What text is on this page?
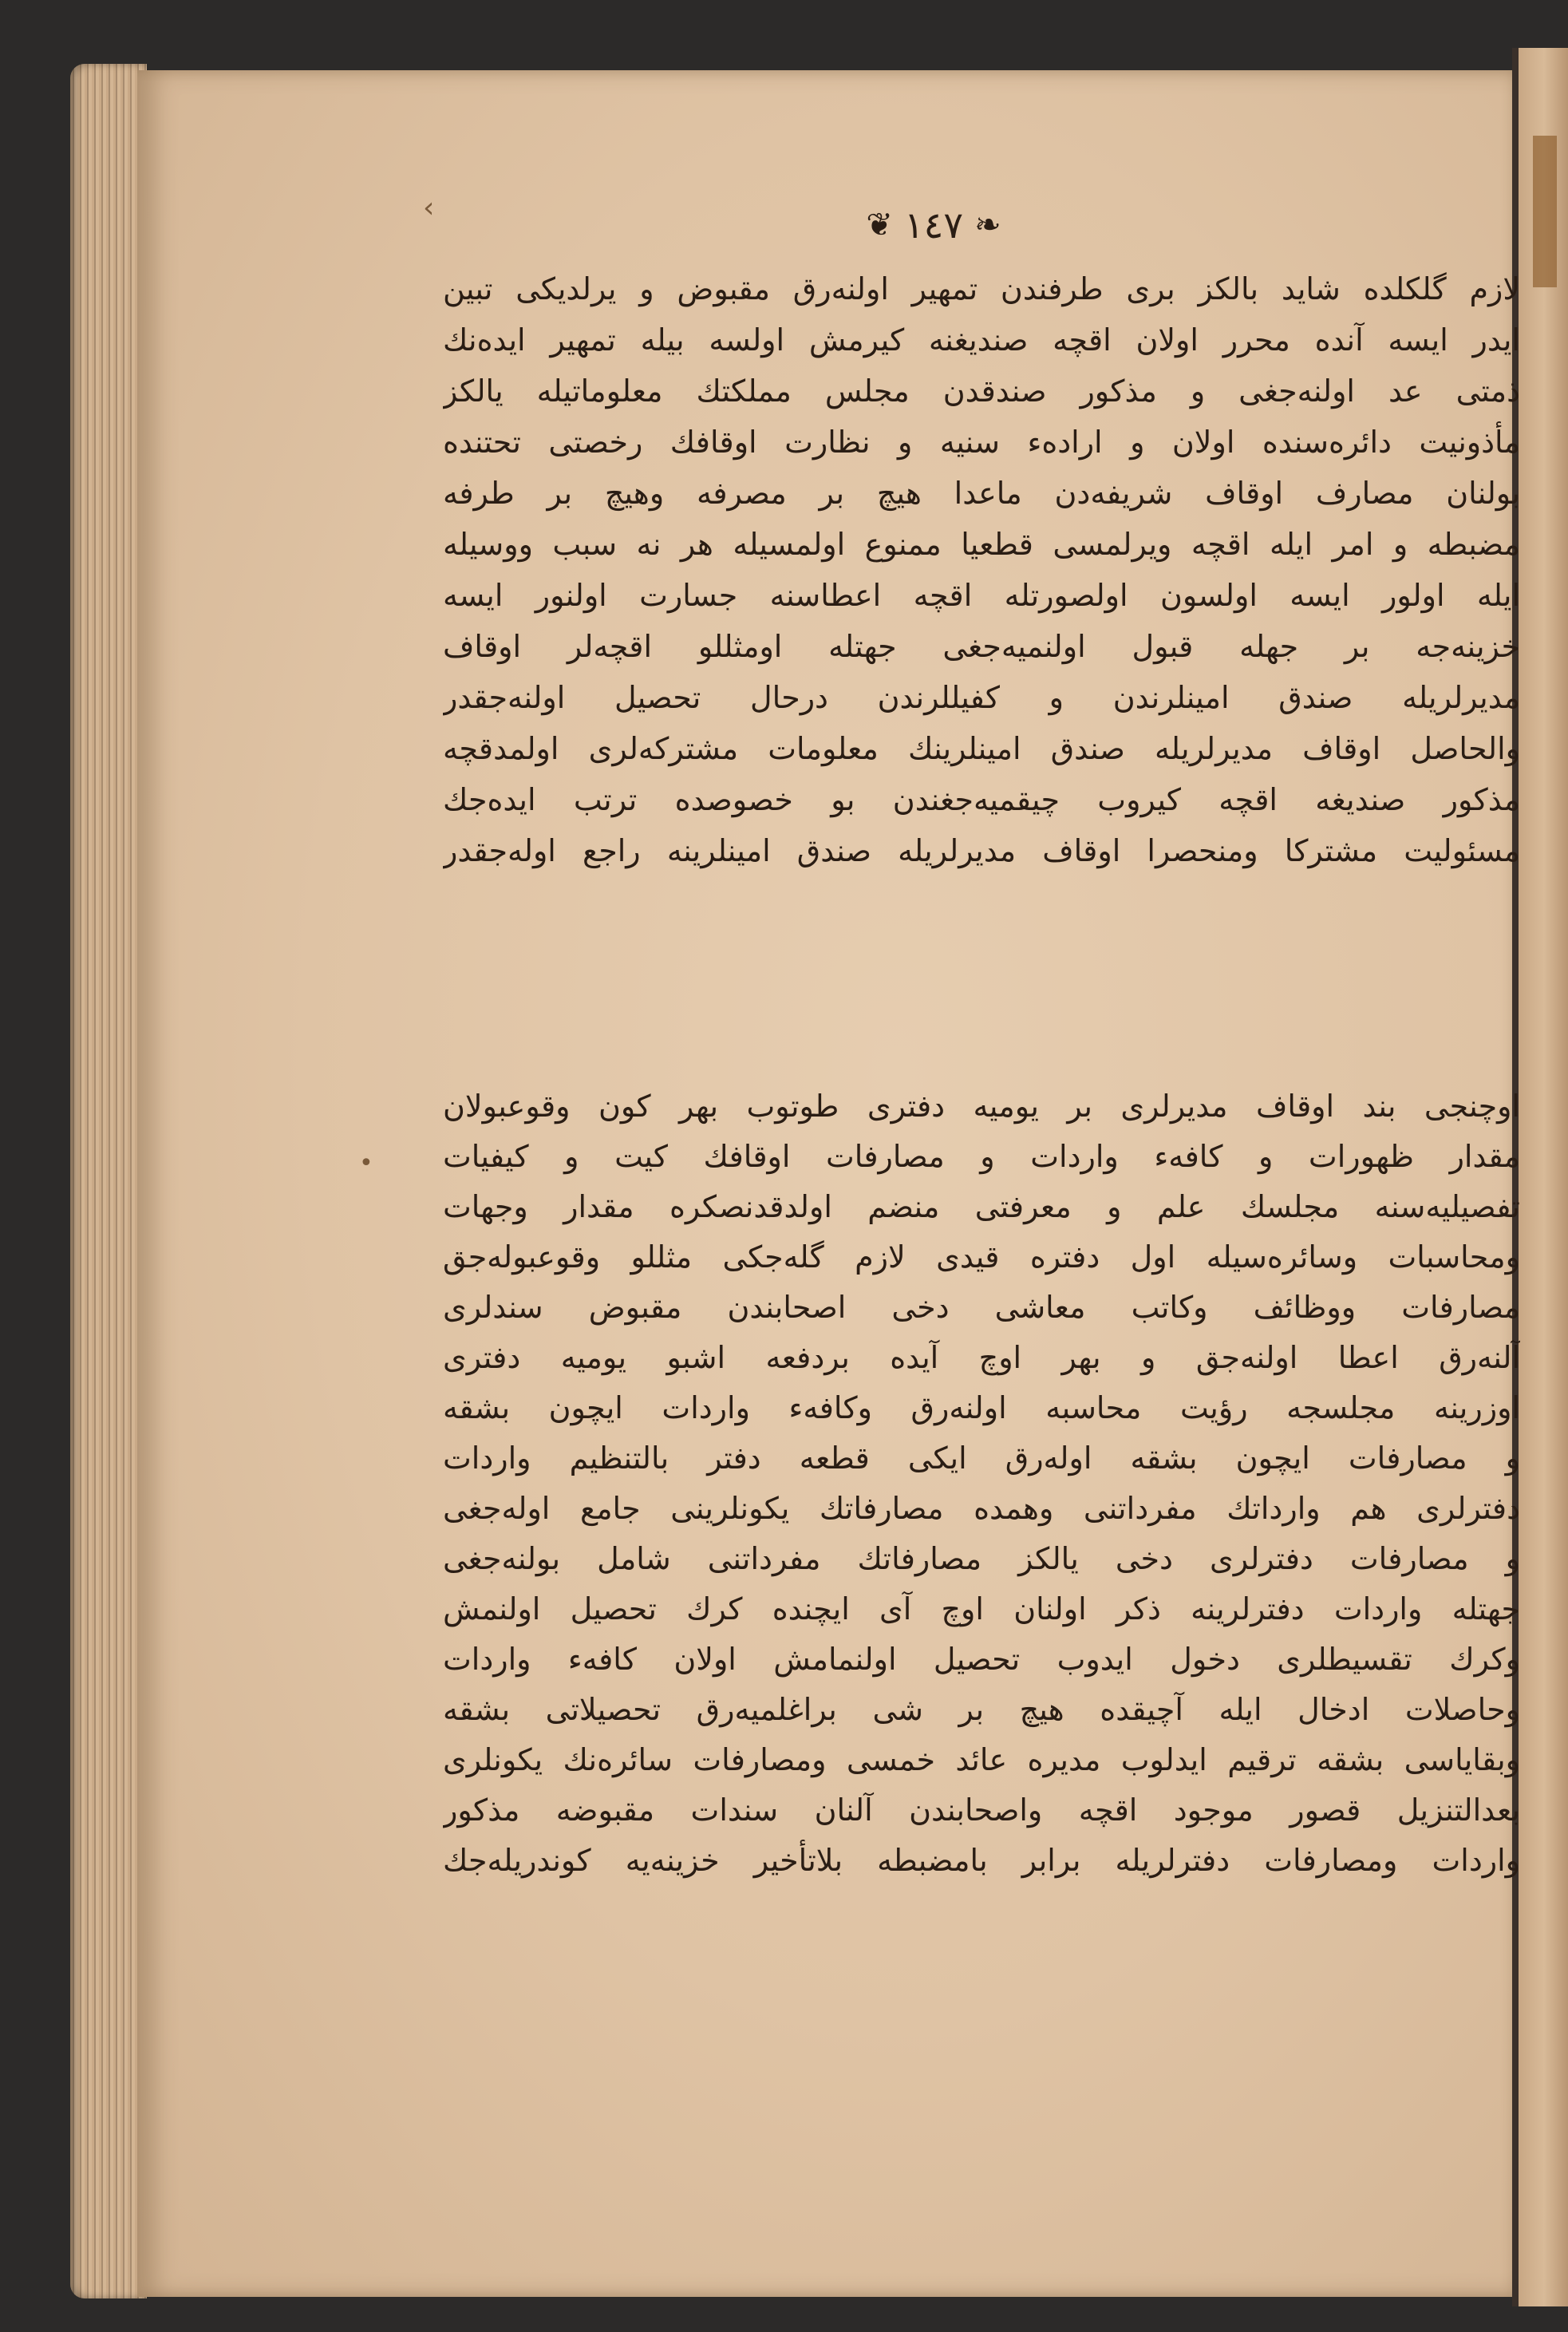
❦ ١٤٧ ❧
لازم گلكلده شايد بالكز بری طرفندن تمهير اولنه‌رق مقبوض و يرلديكی تبين
ايدر ايسه آنده محرر اولان اقچه صندیغنه كيرمش اولسه بيله تمهير ايده‌نك
ذمتی عد اولنه‌جغی و مذكور صندقدن مجلس مملكتك معلوماتيله يالكز
مأذونيت دائره‌سنده اولان و اراده‌ء سنيه و نظارت اوقافك رخصتی تحتنده
بولنان مصارف اوقاف شريفه‌دن ماعدا هيچ بر مصرفه وهيچ بر طرفه
مضبطه و امر ايله اقچه ويرلمسی قطعيا ممنوع اولمسيله هر نه سبب ووسيله
ايله اولور ايسه اولسون اولصورتله اقچه اعطاسنه جسارت اولنور ايسه
خزينه‌جه بر جهله قبول اولنميه‌جغی جهتله اومثللو اقچه‌لر اوقاف
مديرلريله صندق امينلرندن و كفيللرندن درحال تحصيل اولنه‌جقدر
والحاصل اوقاف مديرلريله صندق امينلرينك معلومات مشتركه‌لری اولمدقچه
مذكور صنديغه اقچه كيروب چيقميه‌جغندن بو خصوصده ترتب ايده‌جك
مسئوليت مشتركا ومنحصرا اوقاف مديرلريله صندق امينلرينه راجع اوله‌جقدر
اوچنجی بند اوقاف مديرلری بر يوميه دفتری طوتوب بهر كون وقوعبولان
مقدار ظهورات و كافه‌ء واردات و مصارفات اوقافك كيت و كيفيات
تفصيليه‌سنه مجلسك علم و معرفتی منضم اولدقدنصكره مقدار وجهات
ومحاسبات وسائره‌سيله اول دفتره قيدی لازم گله‌جكی مثللو وقوعبوله‌جق
مصارفات ووظائف وكاتب معاشی دخی اصحابندن مقبوض سندلری
آلنه‌رق اعطا اولنه‌جق و بهر اوچ آيده بردفعه اشبو يوميه دفتری
اوزرينه مجلسجه رؤيت محاسبه اولنه‌رق وكافه‌ء واردات ايچون بشقه
و مصارفات ايچون بشقه اوله‌رق ايكی قطعه دفتر بالتنظيم واردات
دفترلری هم وارداتك مفرداتنی وهمده مصارفاتك يكونلرينی جامع اوله‌جغی
و مصارفات دفترلری دخی يالكز مصارفاتك مفرداتنی شامل بولنه‌جغی
جهتله واردات دفترلرينه ذكر اولنان اوچ آی ايچنده كرك تحصيل اولنمش
وكرك تقسيطلری دخول ايدوب تحصيل اولنمامش اولان كافه‌ء واردات
وحاصلات ادخال ايله آچيقده هيچ بر شی براغلميه‌رق تحصيلاتی بشقه
وبقاياسی بشقه ترقيم ايدلوب مديره عائد خمسی ومصارفات سائره‌نك يكونلری
بعدالتنزيل قصور موجود اقچه واصحابندن آلنان سندات مقبوضه مذكور
واردات ومصارفات دفترلريله برابر بامضبطه بلاتأخير خزينه‌يه كوندريله‌جك
•
‹
